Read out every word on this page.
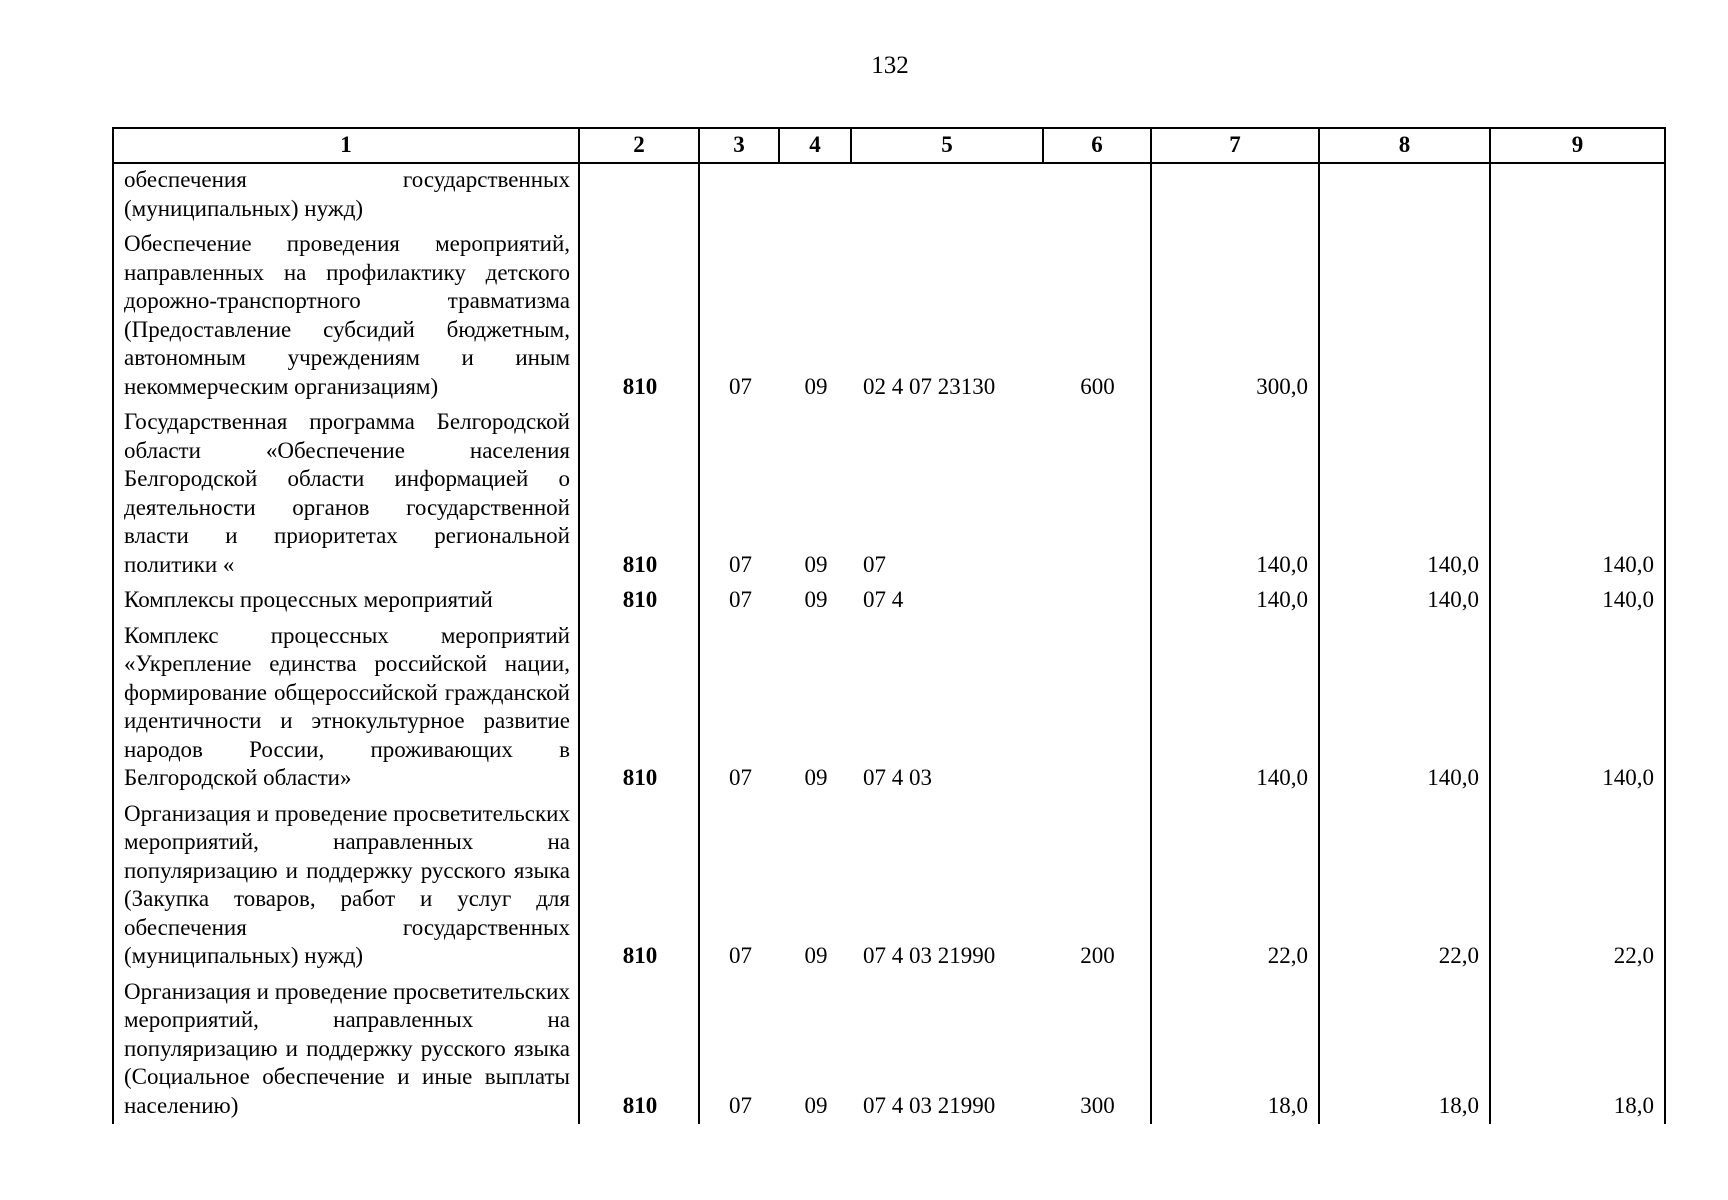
132
1	2	3	4	5	6	7	8	9
обеспечения государственных (муниципальных) нужд)								
Обеспечение проведения мероприятий, направленных на профилактику детского дорожно-транспортного травматизма (Предоставление субсидий бюджетным, автономным учреждениям и иным некоммерческим организациям)	810	07	09	02 4 07 23130	600	300,0		
Государственная программа Белгородской области «Обеспечение населения Белгородской области информацией о деятельности органов государственной власти и приоритетах региональной политики «	810	07	09	07		140,0	140,0	140,0
Комплексы процессных мероприятий	810	07	09	07 4		140,0	140,0	140,0
Комплекс процессных мероприятий «Укрепление единства российской нации, формирование общероссийской гражданской идентичности и этнокультурное развитие народов России, проживающих в Белгородской области»	810	07	09	07 4 03		140,0	140,0	140,0
Организация и проведение просветительских мероприятий, направленных на популяризацию и поддержку русского языка (Закупка товаров, работ и услуг для обеспечения государственных (муниципальных) нужд)	810	07	09	07 4 03 21990	200	22,0	22,0	22,0
Организация и проведение просветительских мероприятий, направленных на популяризацию и поддержку русского языка (Социальное обеспечение и иные выплаты населению)	810	07	09	07 4 03 21990	300	18,0	18,0	18,0
